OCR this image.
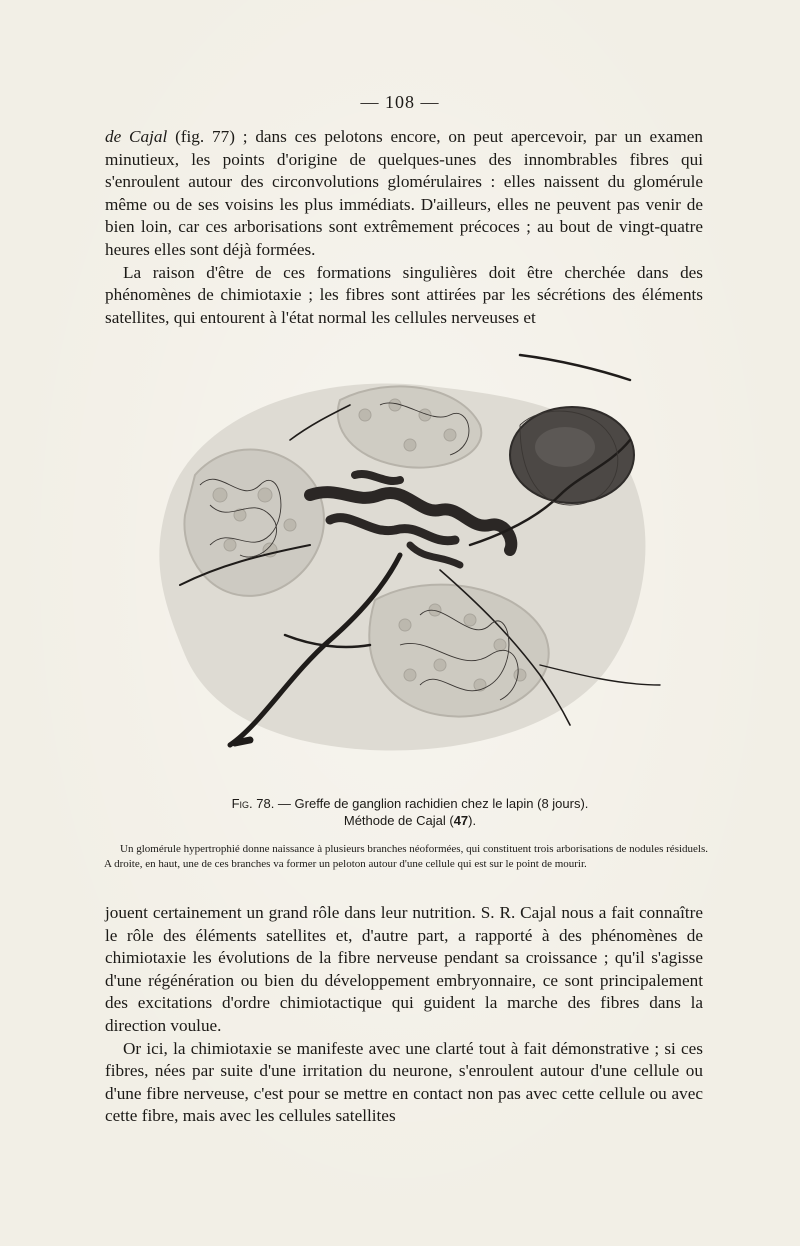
— 108 —

de Cajal (fig. 77) ; dans ces pelotons encore, on peut apercevoir, par un examen minutieux, les points d'origine de quelques-unes des innombrables fibres qui s'enroulent autour des circonvolutions glomérulaires : elles naissent du glomérule même ou de ses voisins les plus immédiats. D'ailleurs, elles ne peuvent pas venir de bien loin, car ces arborisations sont extrêmement précoces ; au bout de vingt-quatre heures elles sont déjà formées.

La raison d'être de ces formations singulières doit être cherchée dans des phénomènes de chimiotaxie ; les fibres sont attirées par les sécrétions des éléments satellites, qui entourent à l'état normal les cellules nerveuses et

Fig. 78. — Greffe de ganglion rachidien chez le lapin (8 jours).
Méthode de Cajal (47).
Un glomérule hypertrophié donne naissance à plusieurs branches néoformées, qui constituent trois arborisations de nodules résiduels. A droite, en haut, une de ces branches va former un peloton autour d'une cellule qui est sur le point de mourir.

jouent certainement un grand rôle dans leur nutrition. S. R. Cajal nous a fait connaître le rôle des éléments satellites et, d'autre part, a rapporté à des phénomènes de chimiotaxie les évolutions de la fibre nerveuse pendant sa croissance ; qu'il s'agisse d'une régénération ou bien du développement embryonnaire, ce sont principalement des excitations d'ordre chimiotactique qui guident la marche des fibres dans la direction voulue.

Or ici, la chimiotaxie se manifeste avec une clarté tout à fait démonstrative ; si ces fibres, nées par suite d'une irritation du neurone, s'enroulent autour d'une cellule ou d'une fibre nerveuse, c'est pour se mettre en contact non pas avec cette cellule ou avec cette fibre, mais avec les cellules satellites
